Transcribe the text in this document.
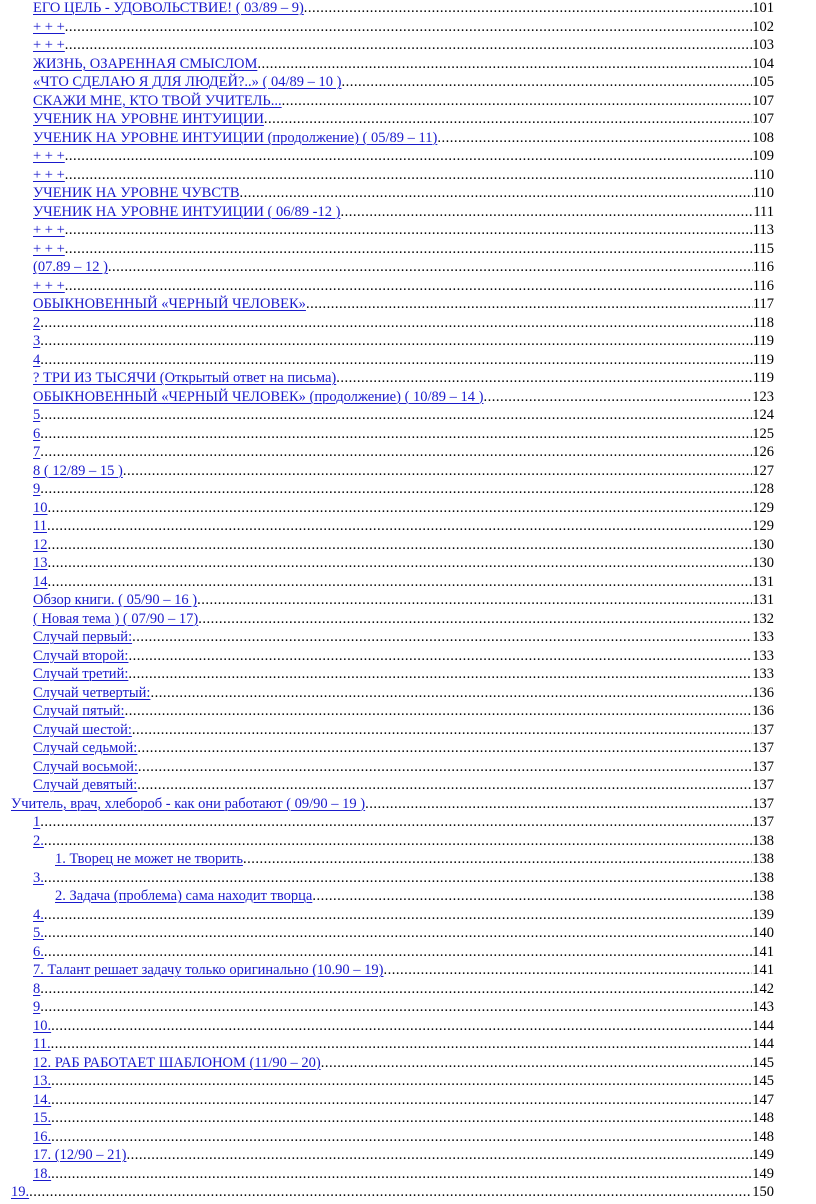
ЕГО ЦЕЛЬ - УДОВОЛЬСТВИЕ! ( 03/89 – 9) .....	101
+ + + .....	102
+ + + .....	103
ЖИЗНЬ, ОЗАРЕННАЯ СМЫСЛОМ .....	104
«ЧТО СДЕЛАЮ Я ДЛЯ ЛЮДЕЙ?..» ( 04/89 – 10 ) .....	105
СКАЖИ МНЕ, КТО ТВОЙ УЧИТЕЛЬ... .....	107
УЧЕНИК НА УРОВНЕ ИНТУИЦИИ .....	107
УЧЕНИК НА УРОВНЕ ИНТУИЦИИ (продолжение) ( 05/89 – 11) .....	108
+ + + .....	109
+ + + .....	110
УЧЕНИК НА УРОВНЕ ЧУВСТВ .....	110
УЧЕНИК НА УРОВНЕ ИНТУИЦИИ ( 06/89 -12 ) .....	111
+ + + .....	113
+ + + .....	115
(07.89 – 12 ) .....	116
+ + + .....	116
ОБЫКНОВЕННЫЙ «ЧЕРНЫЙ ЧЕЛОВЕК» .....	117
2 .....	118
3 .....	119
4 .....	119
? ТРИ ИЗ ТЫСЯЧИ (Открытый ответ на письма) .....	119
ОБЫКНОВЕННЫЙ «ЧЕРНЫЙ ЧЕЛОВЕК» (продолжение) ( 10/89 – 14 ) .....	123
5 .....	124
6 .....	125
7 .....	126
8 ( 12/89 – 15 ) .....	127
9 .....	128
10 .....	129
11 .....	129
12 .....	130
13 .....	130
14 .....	131
Обзор книги. ( 05/90 – 16 ) .....	131
( Новая тема ) ( 07/90 – 17) .....	132
Случай первый: .....	133
Случай второй: .....	133
Случай третий: .....	133
Случай четвертый: .....	136
Случай пятый: .....	136
Случай шестой: .....	137
Случай седьмой: .....	137
Случай восьмой: .....	137
Случай девятый: .....	137
Учитель, врач, хлебороб - как они работают ( 09/90 – 19 ) .....	137
1 .....	137
2. .....	138
1. Творец не может не творить .....	138
3. .....	138
2. Задача (проблема) сама находит творца .....	138
4. .....	139
5. .....	140
6. .....	141
7. Талант решает задачу только оригинально (10.90 – 19) .....	141
8 .....	142
9 .....	143
10. .....	144
11. .....	144
12. РАБ РАБОТАЕТ ШАБЛОНОМ (11/90 – 20) .....	145
13. .....	145
14. .....	147
15. .....	148
16. .....	148
17. (12/90 – 21) .....	149
18. .....	149
19. .....	150
